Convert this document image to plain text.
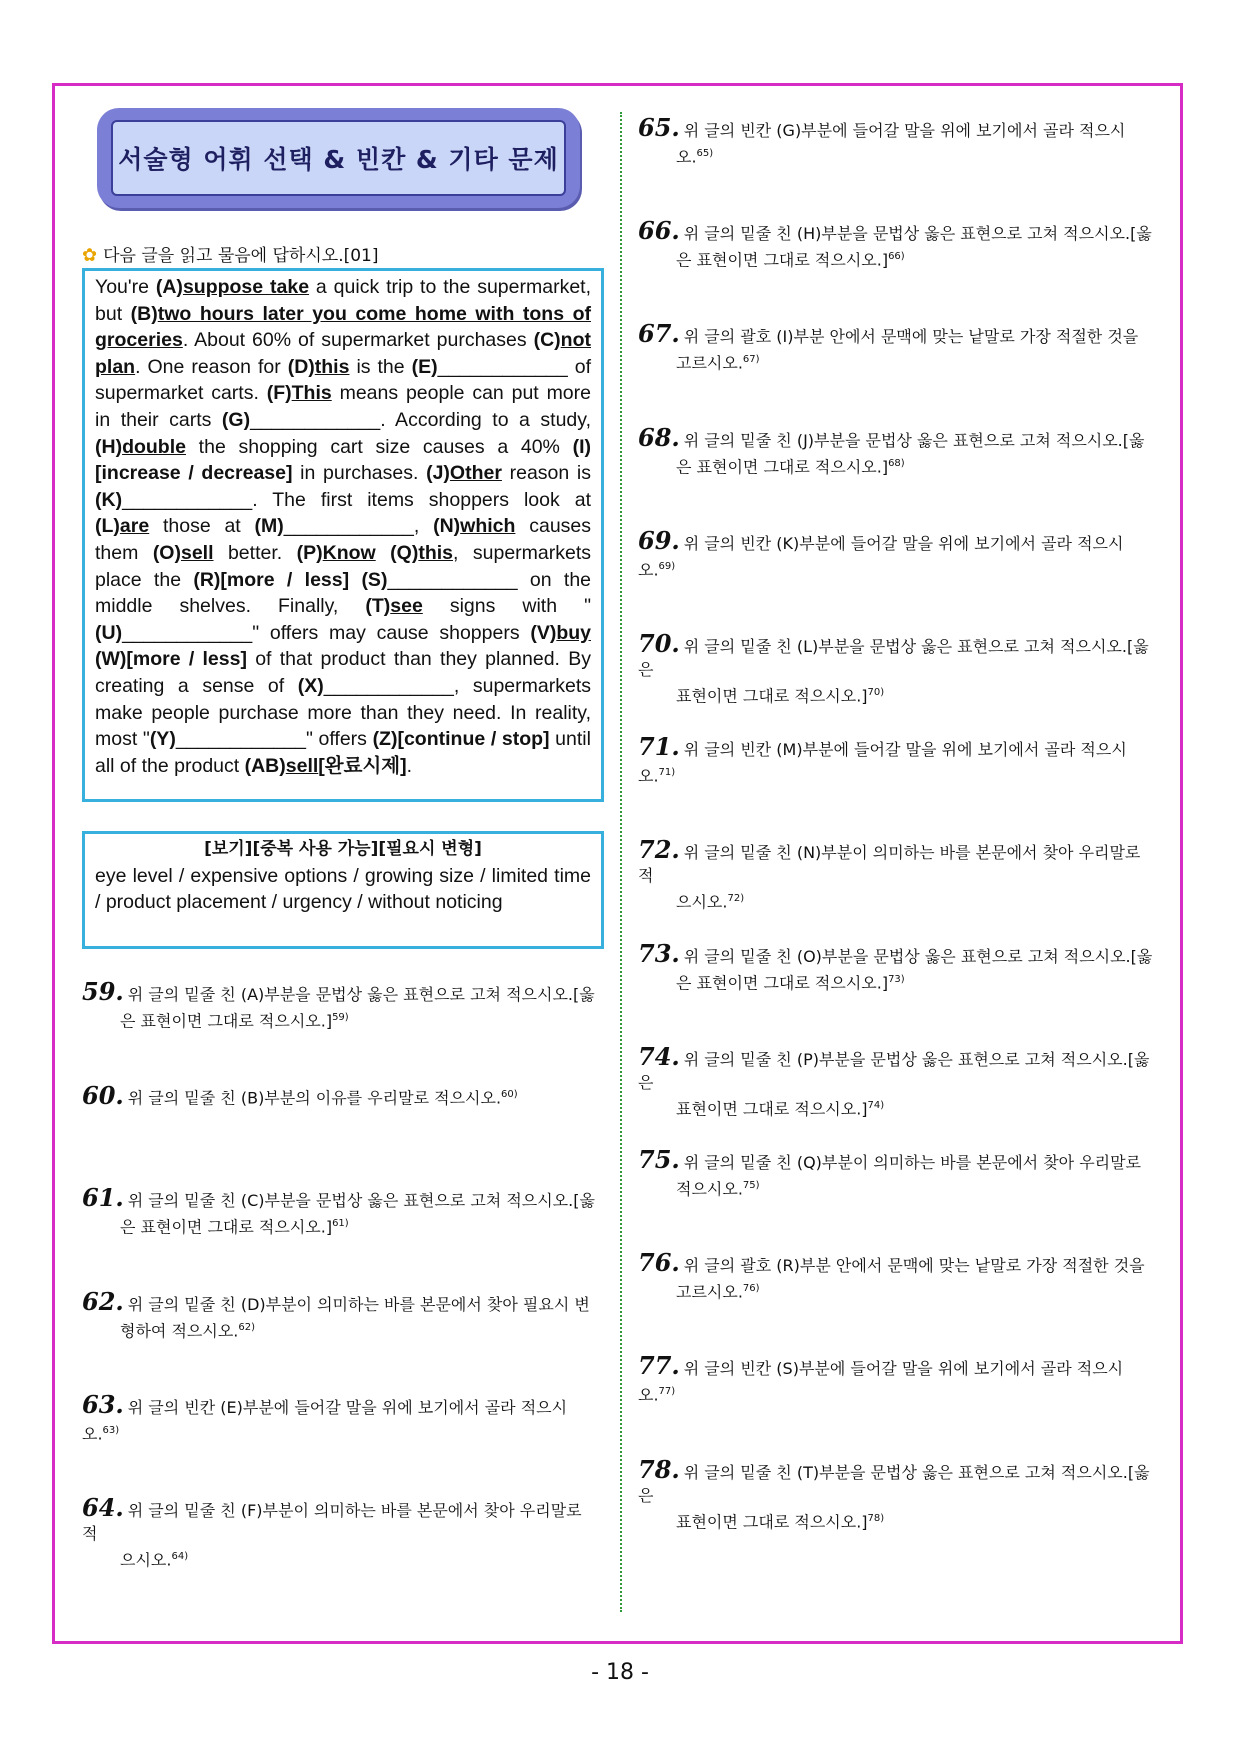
서술형 어휘 선택 & 빈칸 & 기타 문제
✿ 다음 글을 읽고 물음에 답하시오.[01]
You're (A)suppose take a quick trip to the supermarket, but (B)two hours later you come home with tons of groceries. About 60% of supermarket purchases (C)not plan. One reason for (D)this is the (E)____________ of supermarket carts. (F)This means people can put more in their carts (G)____________. According to a study, (H)double the shopping cart size causes a 40% (I)[increase / decrease] in purchases. (J)Other reason is (K)____________. The first items shoppers look at (L)are those at (M)____________, (N)which causes them (O)sell better. (P)Know (Q)this, supermarkets place the (R)[more / less] (S)____________ on the middle shelves. Finally, (T)see signs with "(U)____________" offers may cause shoppers (V)buy (W)[more / less] of that product than they planned. By creating a sense of (X)____________, supermarkets make people purchase more than they need. In reality, most "(Y)____________" offers (Z)[continue / stop] until all of the product (AB)sell[완료시제].
[보기][중복 사용 가능][필요시 변형]
eye level / expensive options / growing size / limited time / product placement / urgency / without noticing
59. 위 글의 밑줄 친 (A)부분을 문법상 옳은 표현으로 고쳐 적으시오.[옳
은 표현이면 그대로 적으시오.]$^{59)}$
60. 위 글의 밑줄 친 (B)부분의 이유를 우리말로 적으시오.$^{60)}$
61. 위 글의 밑줄 친 (C)부분을 문법상 옳은 표현으로 고쳐 적으시오.[옳
은 표현이면 그대로 적으시오.]$^{61)}$
62. 위 글의 밑줄 친 (D)부분이 의미하는 바를 본문에서 찾아 필요시 변
형하여 적으시오.$^{62)}$
63. 위 글의 빈칸 (E)부분에 들어갈 말을 위에 보기에서 골라 적으시오.$^{63)}$
64. 위 글의 밑줄 친 (F)부분이 의미하는 바를 본문에서 찾아 우리말로 적
으시오.$^{64)}$
65. 위 글의 빈칸 (G)부분에 들어갈 말을 위에 보기에서 골라 적으시
오.$^{65)}$
66. 위 글의 밑줄 친 (H)부분을 문법상 옳은 표현으로 고쳐 적으시오.[옳
은 표현이면 그대로 적으시오.]$^{66)}$
67. 위 글의 괄호 (I)부분 안에서 문맥에 맞는 낱말로 가장 적절한 것을
고르시오.$^{67)}$
68. 위 글의 밑줄 친 (J)부분을 문법상 옳은 표현으로 고쳐 적으시오.[옳
은 표현이면 그대로 적으시오.]$^{68)}$
69. 위 글의 빈칸 (K)부분에 들어갈 말을 위에 보기에서 골라 적으시오.$^{69)}$
70. 위 글의 밑줄 친 (L)부분을 문법상 옳은 표현으로 고쳐 적으시오.[옳은
표현이면 그대로 적으시오.]$^{70)}$
71. 위 글의 빈칸 (M)부분에 들어갈 말을 위에 보기에서 골라 적으시오.$^{71)}$
72. 위 글의 밑줄 친 (N)부분이 의미하는 바를 본문에서 찾아 우리말로 적
으시오.$^{72)}$
73. 위 글의 밑줄 친 (O)부분을 문법상 옳은 표현으로 고쳐 적으시오.[옳
은 표현이면 그대로 적으시오.]$^{73)}$
74. 위 글의 밑줄 친 (P)부분을 문법상 옳은 표현으로 고쳐 적으시오.[옳은
표현이면 그대로 적으시오.]$^{74)}$
75. 위 글의 밑줄 친 (Q)부분이 의미하는 바를 본문에서 찾아 우리말로
적으시오.$^{75)}$
76. 위 글의 괄호 (R)부분 안에서 문맥에 맞는 낱말로 가장 적절한 것을
고르시오.$^{76)}$
77. 위 글의 빈칸 (S)부분에 들어갈 말을 위에 보기에서 골라 적으시오.$^{77)}$
78. 위 글의 밑줄 친 (T)부분을 문법상 옳은 표현으로 고쳐 적으시오.[옳은
표현이면 그대로 적으시오.]$^{78)}$
- 18 -
